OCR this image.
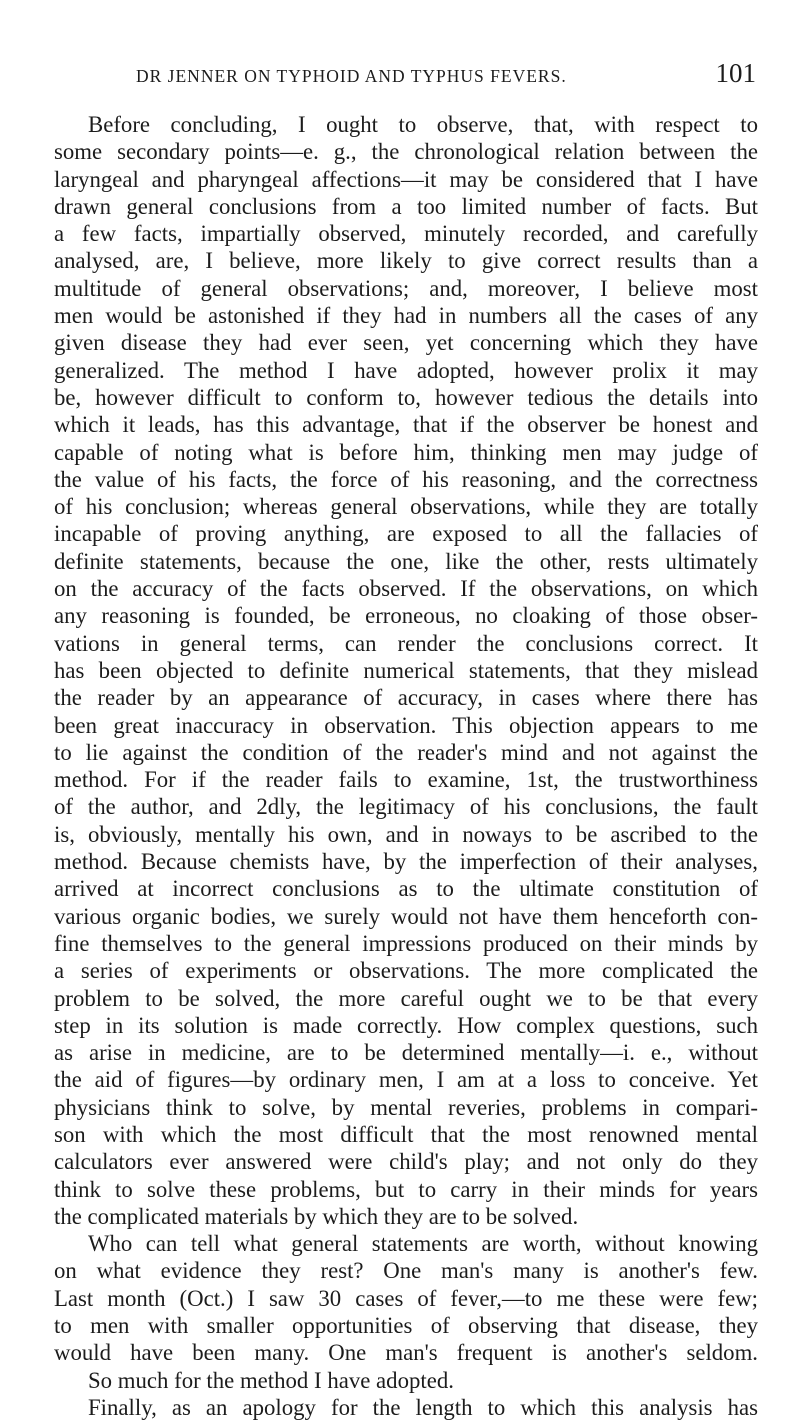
DR JENNER ON TYPHOID AND TYPHUS FEVERS.	101
Before concluding, I ought to observe, that, with respect to
some secondary points—e. g., the chronological relation between the
laryngeal and pharyngeal affections—it may be considered that I have
drawn general conclusions from a too limited number of facts. But
a few facts, impartially observed, minutely recorded, and carefully
analysed, are, I believe, more likely to give correct results than a
multitude of general observations; and, moreover, I believe most
men would be astonished if they had in numbers all the cases of any
given disease they had ever seen, yet concerning which they have
generalized. The method I have adopted, however prolix it may
be, however difficult to conform to, however tedious the details into
which it leads, has this advantage, that if the observer be honest and
capable of noting what is before him, thinking men may judge of
the value of his facts, the force of his reasoning, and the correctness
of his conclusion; whereas general observations, while they are totally
incapable of proving anything, are exposed to all the fallacies of
definite statements, because the one, like the other, rests ultimately
on the accuracy of the facts observed. If the observations, on which
any reasoning is founded, be erroneous, no cloaking of those obser-
vations in general terms, can render the conclusions correct. It
has been objected to definite numerical statements, that they mislead
the reader by an appearance of accuracy, in cases where there has
been great inaccuracy in observation. This objection appears to me
to lie against the condition of the reader's mind and not against the
method. For if the reader fails to examine, 1st, the trustworthiness
of the author, and 2dly, the legitimacy of his conclusions, the fault
is, obviously, mentally his own, and in noways to be ascribed to the
method. Because chemists have, by the imperfection of their analyses,
arrived at incorrect conclusions as to the ultimate constitution of
various organic bodies, we surely would not have them henceforth con-
fine themselves to the general impressions produced on their minds by
a series of experiments or observations. The more complicated the
problem to be solved, the more careful ought we to be that every
step in its solution is made correctly. How complex questions, such
as arise in medicine, are to be determined mentally—i. e., without
the aid of figures—by ordinary men, I am at a loss to conceive. Yet
physicians think to solve, by mental reveries, problems in compari-
son with which the most difficult that the most renowned mental
calculators ever answered were child's play; and not only do they
think to solve these problems, but to carry in their minds for years
the complicated materials by which they are to be solved.
Who can tell what general statements are worth, without knowing
on what evidence they rest? One man's many is another's few.
Last month (Oct.) I saw 30 cases of fever,—to me these were few;
to men with smaller opportunities of observing that disease, they
would have been many. One man's frequent is another's seldom.
So much for the method I have adopted.
Finally, as an apology for the length to which this analysis has
